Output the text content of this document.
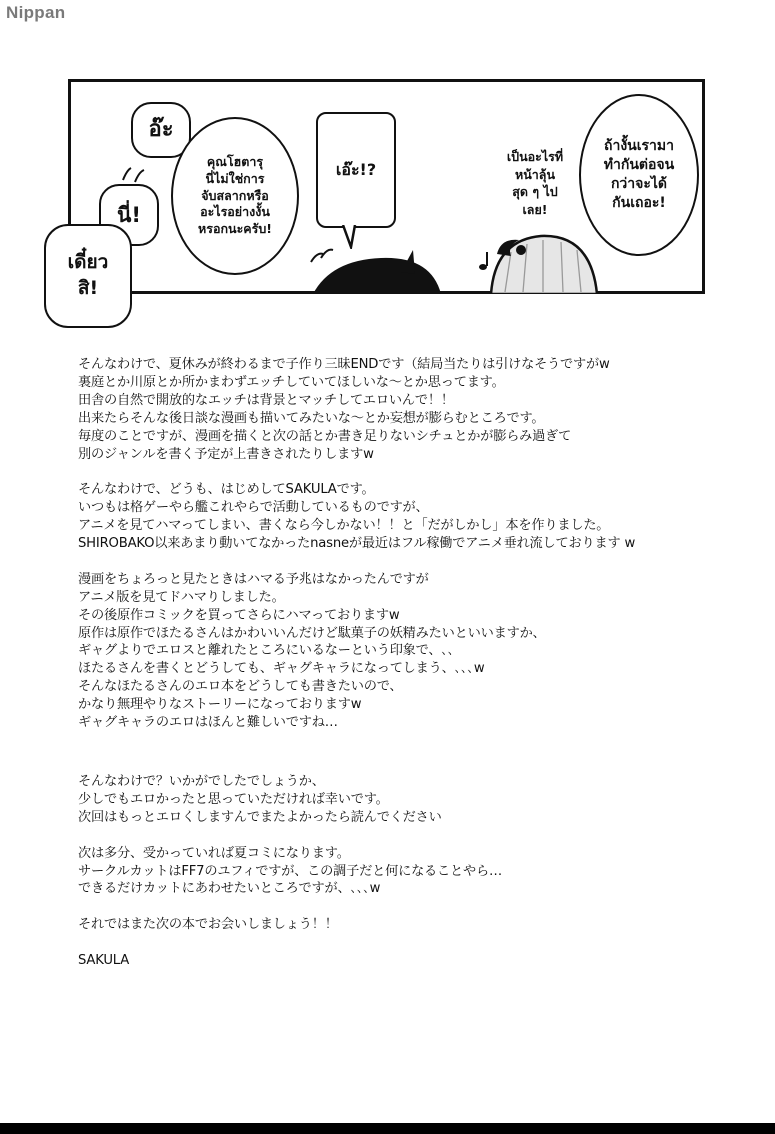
Nippan
อ๊ะ
นี่!
เดี๋ยว
สิ!
คุณโฮตารุ
นี่ไม่ใช่การ
จับสลากหรือ
อะไรอย่างงั้น
หรอกนะครับ!
เอ๊ะ!?
เป็นอะไรที่
หน้าลุ้น
สุด ๆ ไป
เลย!
ถ้างั้นเรามา
ทำกันต่อจน
กว่าจะได้
กันเถอะ!

そんなわけで、夏休みが終わるまで子作り三昧ENDです（結局当たりは引けなそうですがw

裏庭とか川原とか所かまわずエッチしていてほしいな～とか思ってます。

田舎の自然で開放的なエッチは背景とマッチしてエロいんで！！

出来たらそんな後日談な漫画も描いてみたいな～とか妄想が膨らむところです。

毎度のことですが、漫画を描くと次の話とか書き足りないシチュとかが膨らみ過ぎて

別のジャンルを書く予定が上書きされたりしますw

そんなわけで、どうも、はじめしてSAKULAです。

いつもは格ゲーやら艦これやらで活動しているものですが、

アニメを見てハマってしまい、書くなら今しかない！！と「だがしかし」本を作りました。

SHIROBAKO以来あまり動いてなかったnasneが最近はフル稼働でアニメ垂れ流しております w

漫画をちょろっと見たときはハマる予兆はなかったんですが

アニメ版を見てドハマりしました。

その後原作コミックを買ってさらにハマっておりますw

原作は原作でほたるさんはかわいいんだけど駄菓子の妖精みたいといいますか、

ギャグよりでエロスと離れたところにいるなーという印象で、､､

ほたるさんを書くとどうしても、ギャグキャラになってしまう、､､､w

そんなほたるさんのエロ本をどうしても書きたいので、

かなり無理やりなストーリーになっておりますw

ギャグキャラのエロはほんと難しいですね…

そんなわけで？いかがでしたでしょうか、

少しでもエロかったと思っていただければ幸いです。

次回はもっとエロくしますんでまたよかったら読んでください

次は多分、受かっていれば夏コミになります。

サークルカットはFF7のユフィですが、この調子だと何になることやら…

できるだけカットにあわせたいところですが、､､､w

それではまた次の本でお会いしましょう！！

SAKULA
